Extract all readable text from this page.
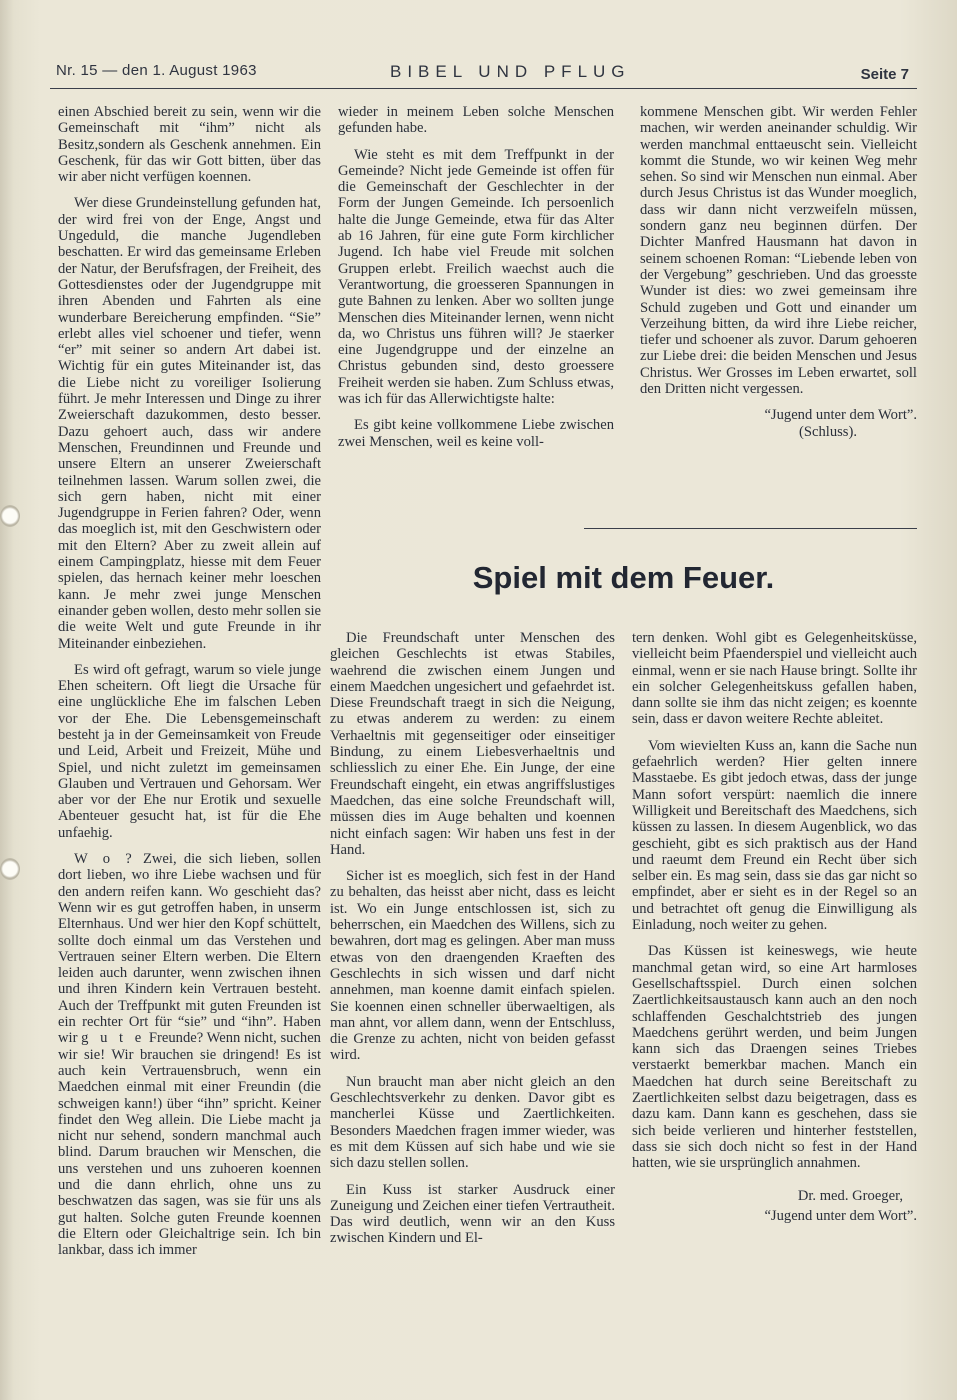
Nr. 15 — den 1. August 1963	BIBEL UND PFLUG	Seite 7

einen Abschied bereit zu sein, wenn wir die Gemeinschaft mit “ihm” nicht als Besitz,sondern als Geschenk annehmen. Ein Geschenk, für das wir Gott bitten, über das wir aber nicht verfügen koennen.

Wer diese Grundeinstellung gefunden hat, der wird frei von der Enge, Angst und Ungeduld, die manche Jugendleben beschatten. Er wird das gemeinsame Erleben der Natur, der Berufsfragen, der Freiheit, des Gottesdienstes oder der Jugendgruppe mit ihren Abenden und Fahrten als eine wunderbare Bereicherung empfinden. “Sie” erlebt alles viel schoener und tiefer, wenn “er” mit seiner so andern Art dabei ist. Wichtig für ein gutes Miteinander ist, das die Liebe nicht zu voreiliger Isolierung führt. Je mehr Interessen und Dinge zu ihrer Zweierschaft dazukommen, desto besser. Dazu gehoert auch, dass wir andere Menschen, Freundinnen und Freunde und unsere Eltern an unserer Zweierschaft teilnehmen lassen. Warum sollen zwei, die sich gern haben, nicht mit einer Jugendgruppe in Ferien fahren? Oder, wenn das moeglich ist, mit den Geschwistern oder mit den Eltern? Aber zu zweit allein auf einem Campingplatz, hiesse mit dem Feuer spielen, das hernach keiner mehr loeschen kann. Je mehr zwei junge Menschen einander geben wollen, desto mehr sollen sie die weite Welt und gute Freunde in ihr Miteinander einbeziehen.

Es wird oft gefragt, warum so viele junge Ehen scheitern. Oft liegt die Ursache für eine unglückliche Ehe im falschen Leben vor der Ehe. Die Lebensgemeinschaft besteht ja in der Gemeinsamkeit von Freude und Leid, Arbeit und Freizeit, Mühe und Spiel, und nicht zuletzt im gemeinsamen Glauben und Vertrauen und Gehorsam. Wer aber vor der Ehe nur Erotik und sexuelle Abenteuer gesucht hat, ist für die Ehe unfaehig.

W o ? Zwei, die sich lieben, sollen dort lieben, wo ihre Liebe wachsen und für den andern reifen kann. Wo geschieht das? Wenn wir es gut getroffen haben, in unserm Elternhaus. Und wer hier den Kopf schüttelt, sollte doch einmal um das Verstehen und Vertrauen seiner Eltern werben. Die Eltern leiden auch darunter, wenn zwischen ihnen und ihren Kindern kein Vertrauen besteht. Auch der Treffpunkt mit guten Freunden ist ein rechter Ort für “sie” und “ihn”. Haben wir g u t e Freunde? Wenn nicht, suchen wir sie! Wir brauchen sie dringend! Es ist auch kein Vertrauensbruch, wenn ein Maedchen einmal mit einer Freundin (die schweigen kann!) über “ihn” spricht. Keiner findet den Weg allein. Die Liebe macht ja nicht nur sehend, sondern manchmal auch blind. Darum brauchen wir Menschen, die uns verstehen und uns zuhoeren koennen und die dann ehrlich, ohne uns zu beschwatzen das sagen, was sie für uns als gut halten. Solche guten Freunde koennen die Eltern oder Gleichaltrige sein. Ich bin lankbar, dass ich immer

wieder in meinem Leben solche Menschen gefunden habe.

Wie steht es mit dem Treffpunkt in der Gemeinde? Nicht jede Gemeinde ist offen für die Gemeinschaft der Geschlechter in der Form der Jungen Gemeinde. Ich persoenlich halte die Junge Gemeinde, etwa für das Alter ab 16 Jahren, für eine gute Form kirchlicher Jugend. Ich habe viel Freude mit solchen Gruppen erlebt. Freilich waechst auch die Verantwortung, die groesseren Spannungen in gute Bahnen zu lenken. Aber wo sollten junge Menschen dies Miteinander lernen, wenn nicht da, wo Christus uns führen will? Je staerker eine Jugendgruppe und der einzelne an Christus gebunden sind, desto groessere Freiheit werden sie haben. Zum Schluss etwas, was ich für das Allerwichtigste halte:

Es gibt keine vollkommene Liebe zwischen zwei Menschen, weil es keine voll-

kommene Menschen gibt. Wir werden Fehler machen, wir werden aneinander schuldig. Wir werden manchmal enttaeuscht sein. Vielleicht kommt die Stunde, wo wir keinen Weg mehr sehen. So sind wir Menschen nun einmal. Aber durch Jesus Christus ist das Wunder moeglich, dass wir dann nicht verzweifeln müssen, sondern ganz neu beginnen dürfen. Der Dichter Manfred Hausmann hat davon in seinem schoenen Roman: “Liebende leben von der Vergebung” geschrieben. Und das groesste Wunder ist dies: wo zwei gemeinsam ihre Schuld zugeben und Gott und einander um Verzeihung bitten, da wird ihre Liebe reicher, tiefer und schoener als zuvor. Darum gehoeren zur Liebe drei: die beiden Menschen und Jesus Christus. Wer Grosses im Leben erwartet, soll den Dritten nicht vergessen.

“Jugend unter dem Wort”.

(Schluss).

Spiel mit dem Feuer.

Die Freundschaft unter Menschen des gleichen Geschlechts ist etwas Stabiles, waehrend die zwischen einem Jungen und einem Maedchen ungesichert und gefaehrdet ist. Diese Freundschaft traegt in sich die Neigung, zu etwas anderem zu werden: zu einem Verhaeltnis mit gegenseitiger oder einseitiger Bindung, zu einem Liebesverhaeltnis und schliesslich zu einer Ehe. Ein Junge, der eine Freundschaft eingeht, ein etwas angriffslustiges Maedchen, das eine solche Freundschaft will, müssen dies im Auge behalten und koennen nicht einfach sagen: Wir haben uns fest in der Hand.

Sicher ist es moeglich, sich fest in der Hand zu behalten, das heisst aber nicht, dass es leicht ist. Wo ein Junge entschlossen ist, sich zu beherrschen, ein Maedchen des Willens, sich zu bewahren, dort mag es gelingen. Aber man muss etwas von den draengenden Kraeften des Geschlechts in sich wissen und darf nicht annehmen, man koenne damit einfach spielen. Sie koennen einen schneller überwaeltigen, als man ahnt, vor allem dann, wenn der Entschluss, die Grenze zu achten, nicht von beiden gefasst wird.

Nun braucht man aber nicht gleich an den Geschlechtsverkehr zu denken. Davor gibt es mancherlei Küsse und Zaertlichkeiten. Besonders Maedchen fragen immer wieder, was es mit dem Küssen auf sich habe und wie sie sich dazu stellen sollen.

Ein Kuss ist starker Ausdruck einer Zuneigung und Zeichen einer tiefen Vertrautheit. Das wird deutlich, wenn wir an den Kuss zwischen Kindern und El-

tern denken. Wohl gibt es Gelegenheitsküsse, vielleicht beim Pfaenderspiel und vielleicht auch einmal, wenn er sie nach Hause bringt. Sollte ihr ein solcher Gelegenheitskuss gefallen haben, dann sollte sie ihm das nicht zeigen; es koennte sein, dass er davon weitere Rechte ableitet.

Vom wievielten Kuss an, kann die Sache nun gefaehrlich werden? Hier gelten innere Masstaebe. Es gibt jedoch etwas, dass der junge Mann sofort verspürt: naemlich die innere Willigkeit und Bereitschaft des Maedchens, sich küssen zu lassen. In diesem Augenblick, wo das geschieht, gibt es sich praktisch aus der Hand und raeumt dem Freund ein Recht über sich selber ein. Es mag sein, dass sie das gar nicht so empfindet, aber er sieht es in der Regel so an und betrachtet oft genug die Einwilligung als Einladung, noch weiter zu gehen.

Das Küssen ist keineswegs, wie heute manchmal getan wird, so eine Art harmloses Gesellschaftsspiel. Durch einen solchen Zaertlichkeitsaustausch kann auch an den noch schlaffenden Geschalchtstrieb des jungen Maedchens gerührt werden, und beim Jungen kann sich das Draengen seines Triebes verstaerkt bemerkbar machen. Manch ein Maedchen hat durch seine Bereitschaft zu Zaertlichkeiten selbst dazu beigetragen, dass es dazu kam. Dann kann es geschehen, dass sie sich beide verlieren und hinterher feststellen, dass sie sich doch nicht so fest in der Hand hatten, wie sie ursprünglich annahmen.

Dr. med. Groeger,

“Jugend unter dem Wort”.
